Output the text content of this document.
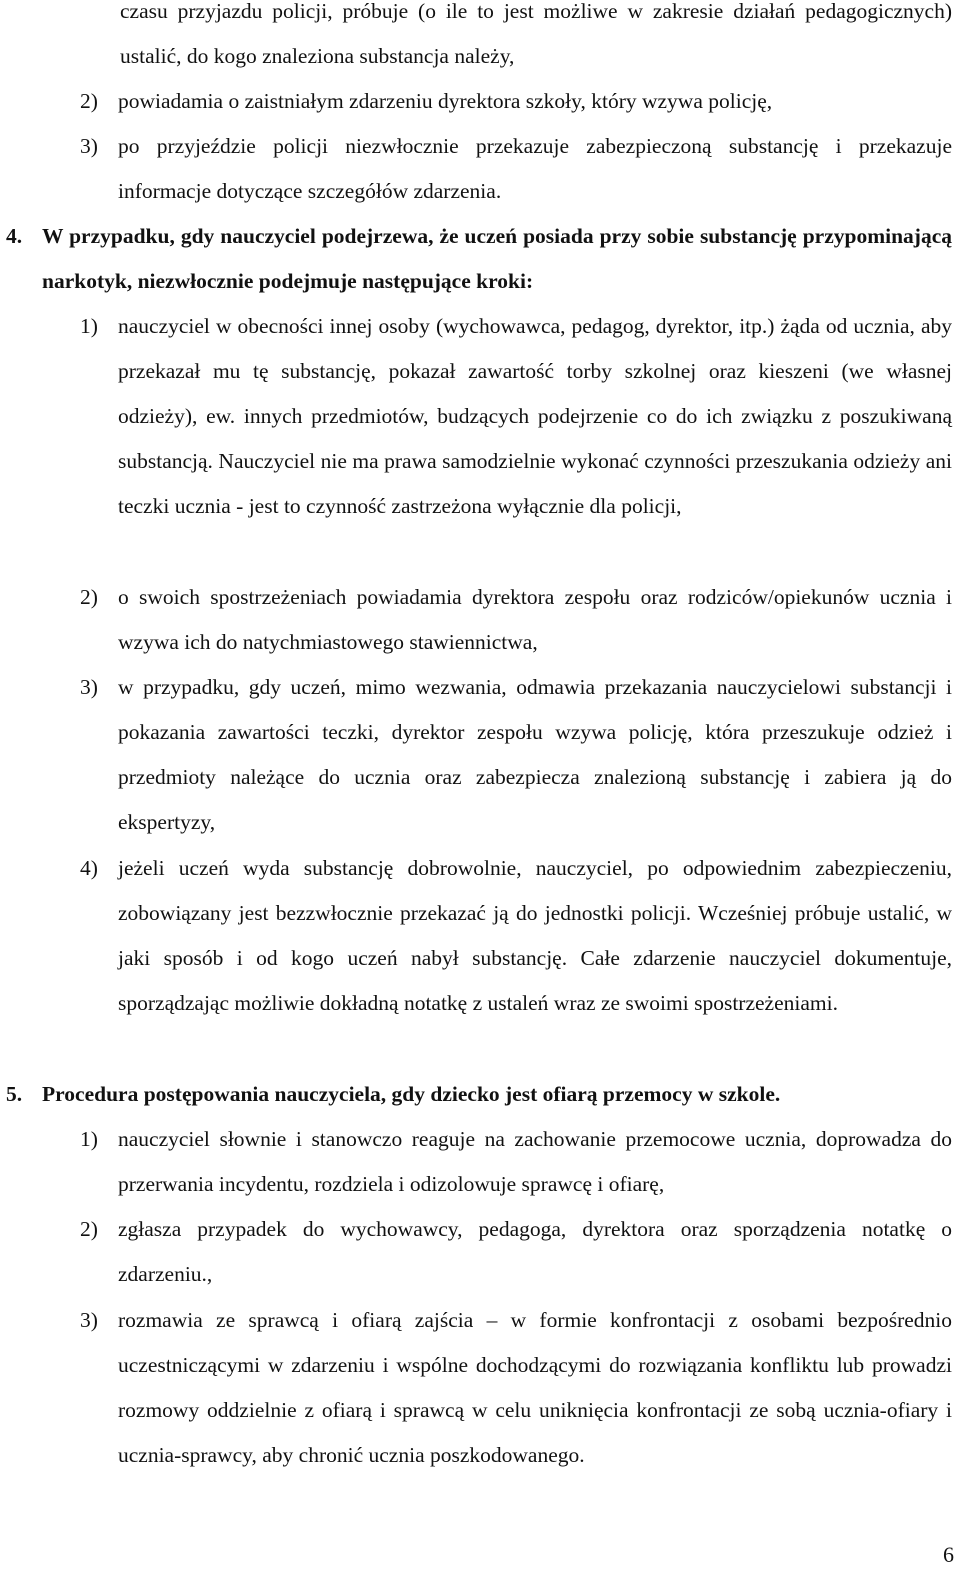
czasu przyjazdu policji, próbuje (o ile to jest możliwe w zakresie działań pedagogicznych) ustalić, do kogo znaleziona substancja należy,
2) powiadamia o zaistniałym zdarzeniu dyrektora szkoły, który wzywa policję,
3) po przyjeździe policji niezwłocznie przekazuje zabezpieczoną substancję i przekazuje informacje dotyczące szczegółów zdarzenia.
4. W przypadku, gdy nauczyciel podejrzewa, że uczeń posiada przy sobie substancję przypominającą narkotyk, niezwłocznie podejmuje następujące kroki:
1) nauczyciel w obecności innej osoby (wychowawca, pedagog, dyrektor, itp.) żąda od ucznia, aby przekazał mu tę substancję, pokazał zawartość torby szkolnej oraz kieszeni (we własnej odzieży), ew. innych przedmiotów, budzących podejrzenie co do ich związku z poszukiwaną substancją. Nauczyciel nie ma prawa samodzielnie wykonać czynności przeszukania odzieży ani teczki ucznia - jest to czynność zastrzeżona wyłącznie dla policji,
2) o swoich spostrzeżeniach powiadamia dyrektora zespołu oraz rodziców/opiekunów ucznia i wzywa ich do natychmiastowego stawiennictwa,
3) w przypadku, gdy uczeń, mimo wezwania, odmawia przekazania nauczycielowi substancji i pokazania zawartości teczki, dyrektor zespołu wzywa policję, która przeszukuje odzież i przedmioty należące do ucznia oraz zabezpiecza znalezioną substancję i zabiera ją do ekspertyzy,
4) jeżeli uczeń wyda substancję dobrowolnie, nauczyciel, po odpowiednim zabezpieczeniu, zobowiązany jest bezzwłocznie przekazać ją do jednostki policji. Wcześniej próbuje ustalić, w jaki sposób i od kogo uczeń nabył substancję. Całe zdarzenie nauczyciel dokumentuje, sporządzając możliwie dokładną notatkę z ustaleń wraz ze swoimi spostrzeżeniami.
5. Procedura postępowania nauczyciela, gdy dziecko jest ofiarą przemocy w szkole.
1) nauczyciel słownie i stanowczo reaguje na zachowanie przemocowe ucznia, doprowadza do przerwania incydentu, rozdziela i odizolowuje sprawcę i ofiarę,
2) zgłasza przypadek do wychowawcy, pedagoga, dyrektora oraz sporządzenia notatkę o zdarzeniu.,
3) rozmawia ze sprawcą i ofiarą zajścia – w formie konfrontacji z osobami bezpośrednio uczestniczącymi w zdarzeniu i wspólne dochodzącymi do rozwiązania konfliktu lub prowadzi rozmowy oddzielnie z ofiarą i sprawcą w celu uniknięcia konfrontacji ze sobą ucznia-ofiary i ucznia-sprawcy, aby chronić ucznia poszkodowanego.
6
